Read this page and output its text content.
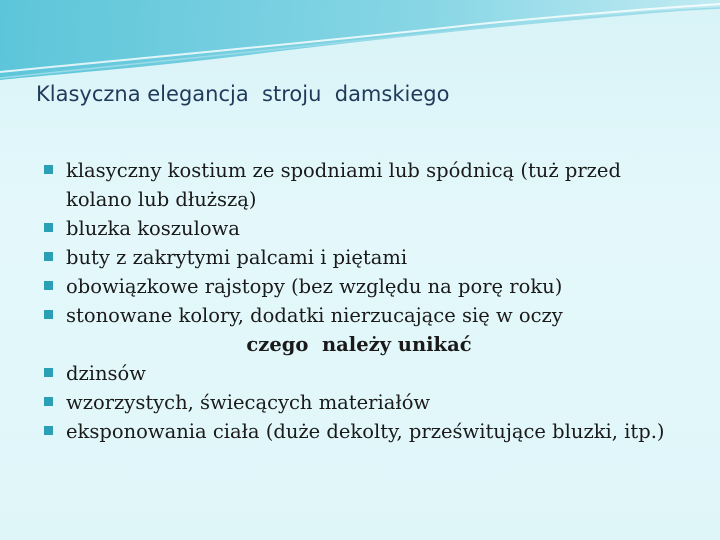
Klasyczna elegancja  stroju  damskiego
klasyczny kostium ze spodniami lub spódnicą (tuż przed kolano lub dłuższą)
bluzka koszulowa
buty z zakrytymi palcami i piętami
obowiązkowe rajstopy (bez względu na porę roku)
stonowane kolory, dodatki nierzucające się w oczy
czego  należy unikać
dzinsów
wzorzystych, świecących materiałów
eksponowania ciała (duże dekolty, prześwitujące bluzki, itp.)
